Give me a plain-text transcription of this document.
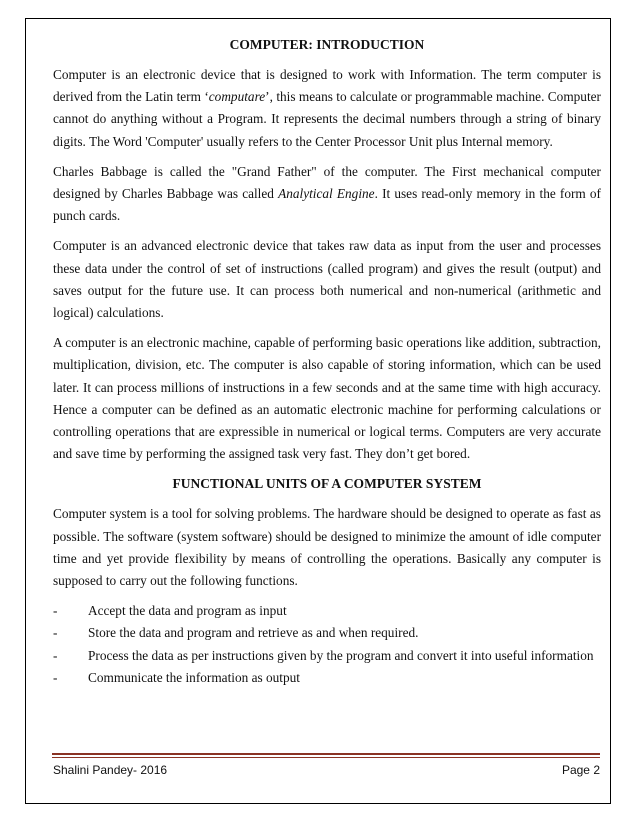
COMPUTER: INTRODUCTION

Computer is an electronic device that is designed to work with Information. The term computer is derived from the Latin term ‘computare’, this means to calculate or programmable machine. Computer cannot do anything without a Program. It represents the decimal numbers through a string of binary digits. The Word 'Computer' usually refers to the Center Processor Unit plus Internal memory.

Charles Babbage is called the "Grand Father" of the computer. The First mechanical computer designed by Charles Babbage was called Analytical Engine. It uses read-only memory in the form of punch cards.

Computer is an advanced electronic device that takes raw data as input from the user and processes these data under the control of set of instructions (called program) and gives the result (output) and saves output for the future use. It can process both numerical and non-numerical (arithmetic and logical) calculations.

A computer is an electronic machine, capable of performing basic operations like addition, subtraction, multiplication, division, etc. The computer is also capable of storing information, which can be used later. It can process millions of instructions in a few seconds and at the same time with high accuracy. Hence a computer can be defined as an automatic electronic machine for performing calculations or controlling operations that are expressible in numerical or logical terms. Computers are very accurate and save time by performing the assigned task very fast. They don’t get bored.

FUNCTIONAL UNITS OF A COMPUTER SYSTEM

Computer system is a tool for solving problems. The hardware should be designed to operate as fast as possible. The software (system software) should be designed to minimize the amount of idle computer time and yet provide flexibility by means of controlling the operations. Basically any computer is supposed to carry out the following functions.

-	Accept the data and program as input
-	Store the data and program and retrieve as and when required.
-	Process the data as per instructions given by the program and convert it into useful information
-	Communicate the information as output
Shalini Pandey- 2016	Page 2
